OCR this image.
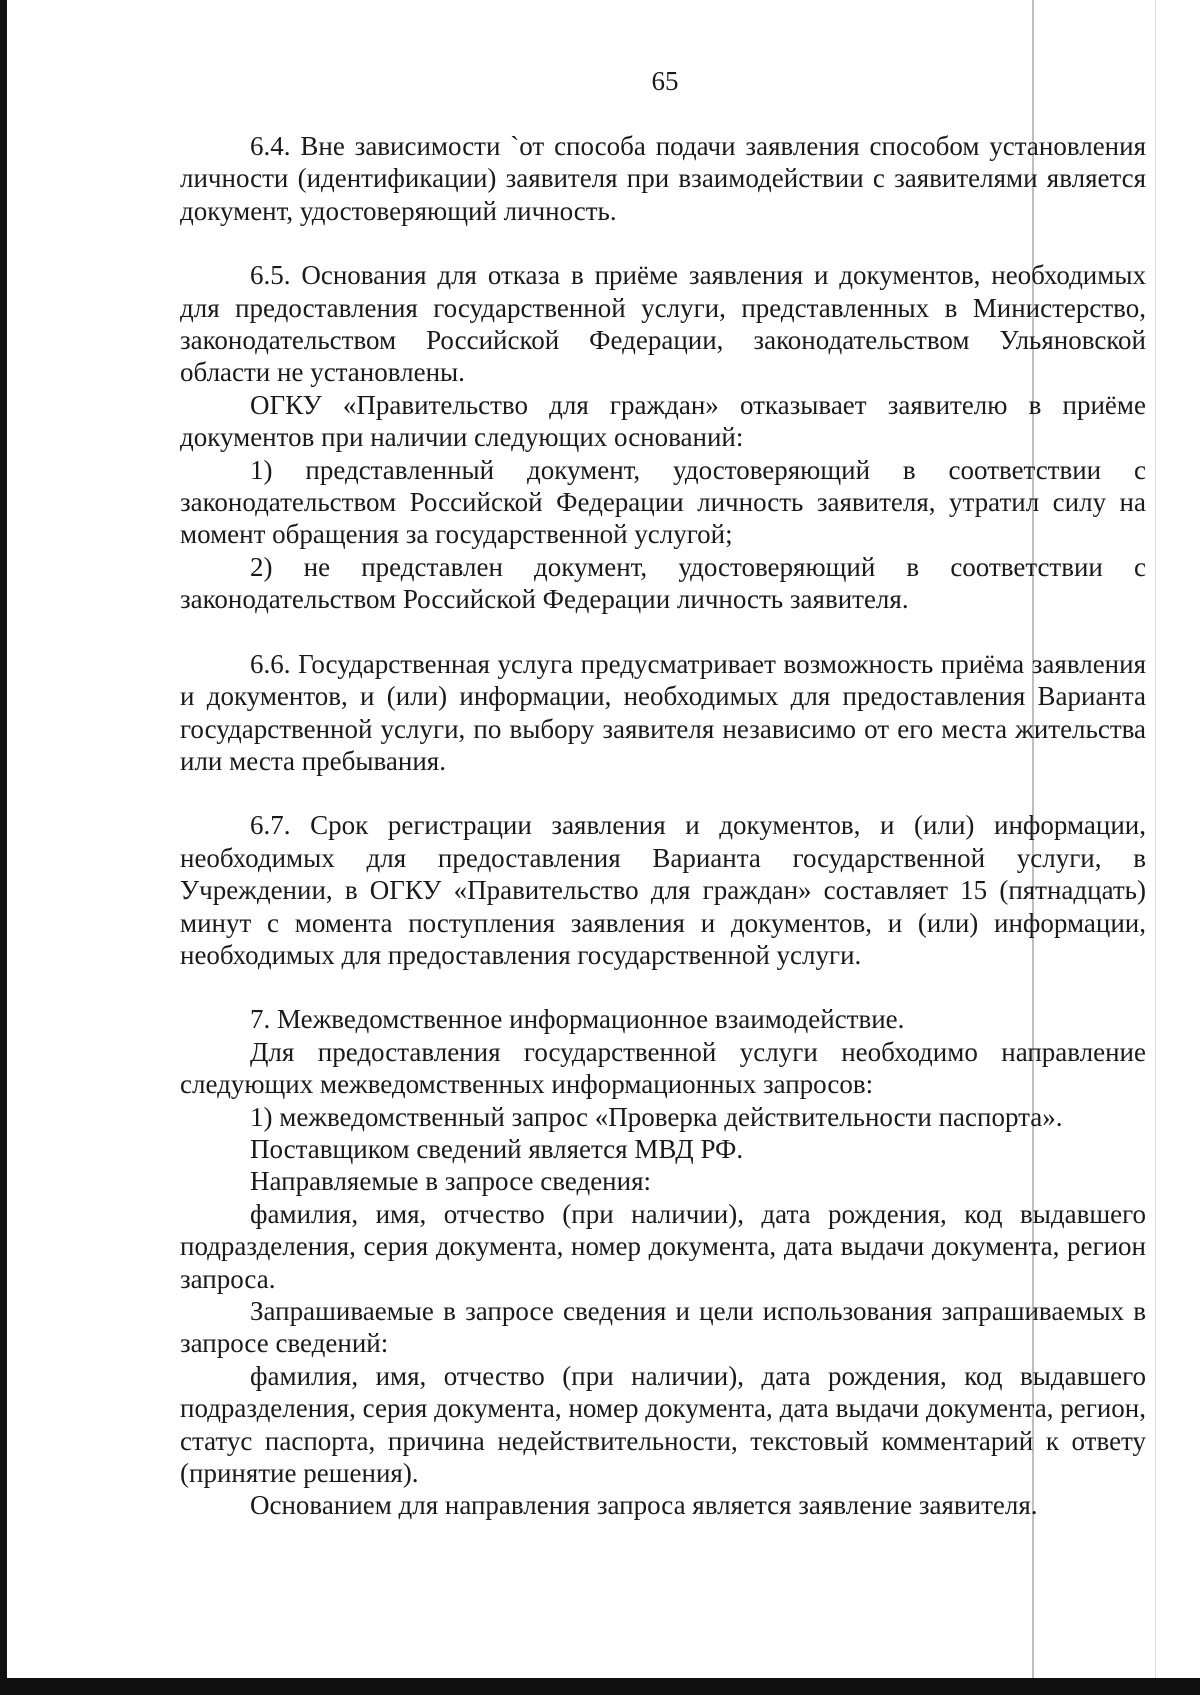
65

6.4. Вне зависимости `от способа подачи заявления способом установления личности (идентификации) заявителя при взаимодействии с заявителями является документ, удостоверяющий личность.

6.5. Основания для отказа в приёме заявления и документов, необходимых для предоставления государственной услуги, представленных в Министерство, законодательством Российской Федерации, законодательством Ульяновской области не установлены.

ОГКУ «Правительство для граждан» отказывает заявителю в приёме документов при наличии следующих оснований:

1) представленный документ, удостоверяющий в соответствии с законодательством Российской Федерации личность заявителя, утратил силу на момент обращения за государственной услугой;

2) не представлен документ, удостоверяющий в соответствии с законодательством Российской Федерации личность заявителя.

6.6. Государственная услуга предусматривает возможность приёма заявления и документов, и (или) информации, необходимых для предоставления Варианта государственной услуги, по выбору заявителя независимо от его места жительства или места пребывания.

6.7. Срок регистрации заявления и документов, и (или) информации, необходимых для предоставления Варианта государственной услуги, в Учреждении, в ОГКУ «Правительство для граждан» составляет 15 (пятнадцать) минут с момента поступления заявления и документов, и (или) информации, необходимых для предоставления государственной услуги.

7. Межведомственное информационное взаимодействие.

Для предоставления государственной услуги необходимо направление следующих межведомственных информационных запросов:

1) межведомственный запрос «Проверка действительности паспорта».

Поставщиком сведений является МВД РФ.

Направляемые в запросе сведения:

фамилия, имя, отчество (при наличии), дата рождения, код выдавшего подразделения, серия документа, номер документа, дата выдачи документа, регион запроса.

Запрашиваемые в запросе сведения и цели использования запрашиваемых в запросе сведений:

фамилия, имя, отчество (при наличии), дата рождения, код выдавшего подразделения, серия документа, номер документа, дата выдачи документа, регион, статус паспорта, причина недействительности, текстовый комментарий к ответу (принятие решения).

Основанием для направления запроса является заявление заявителя.
